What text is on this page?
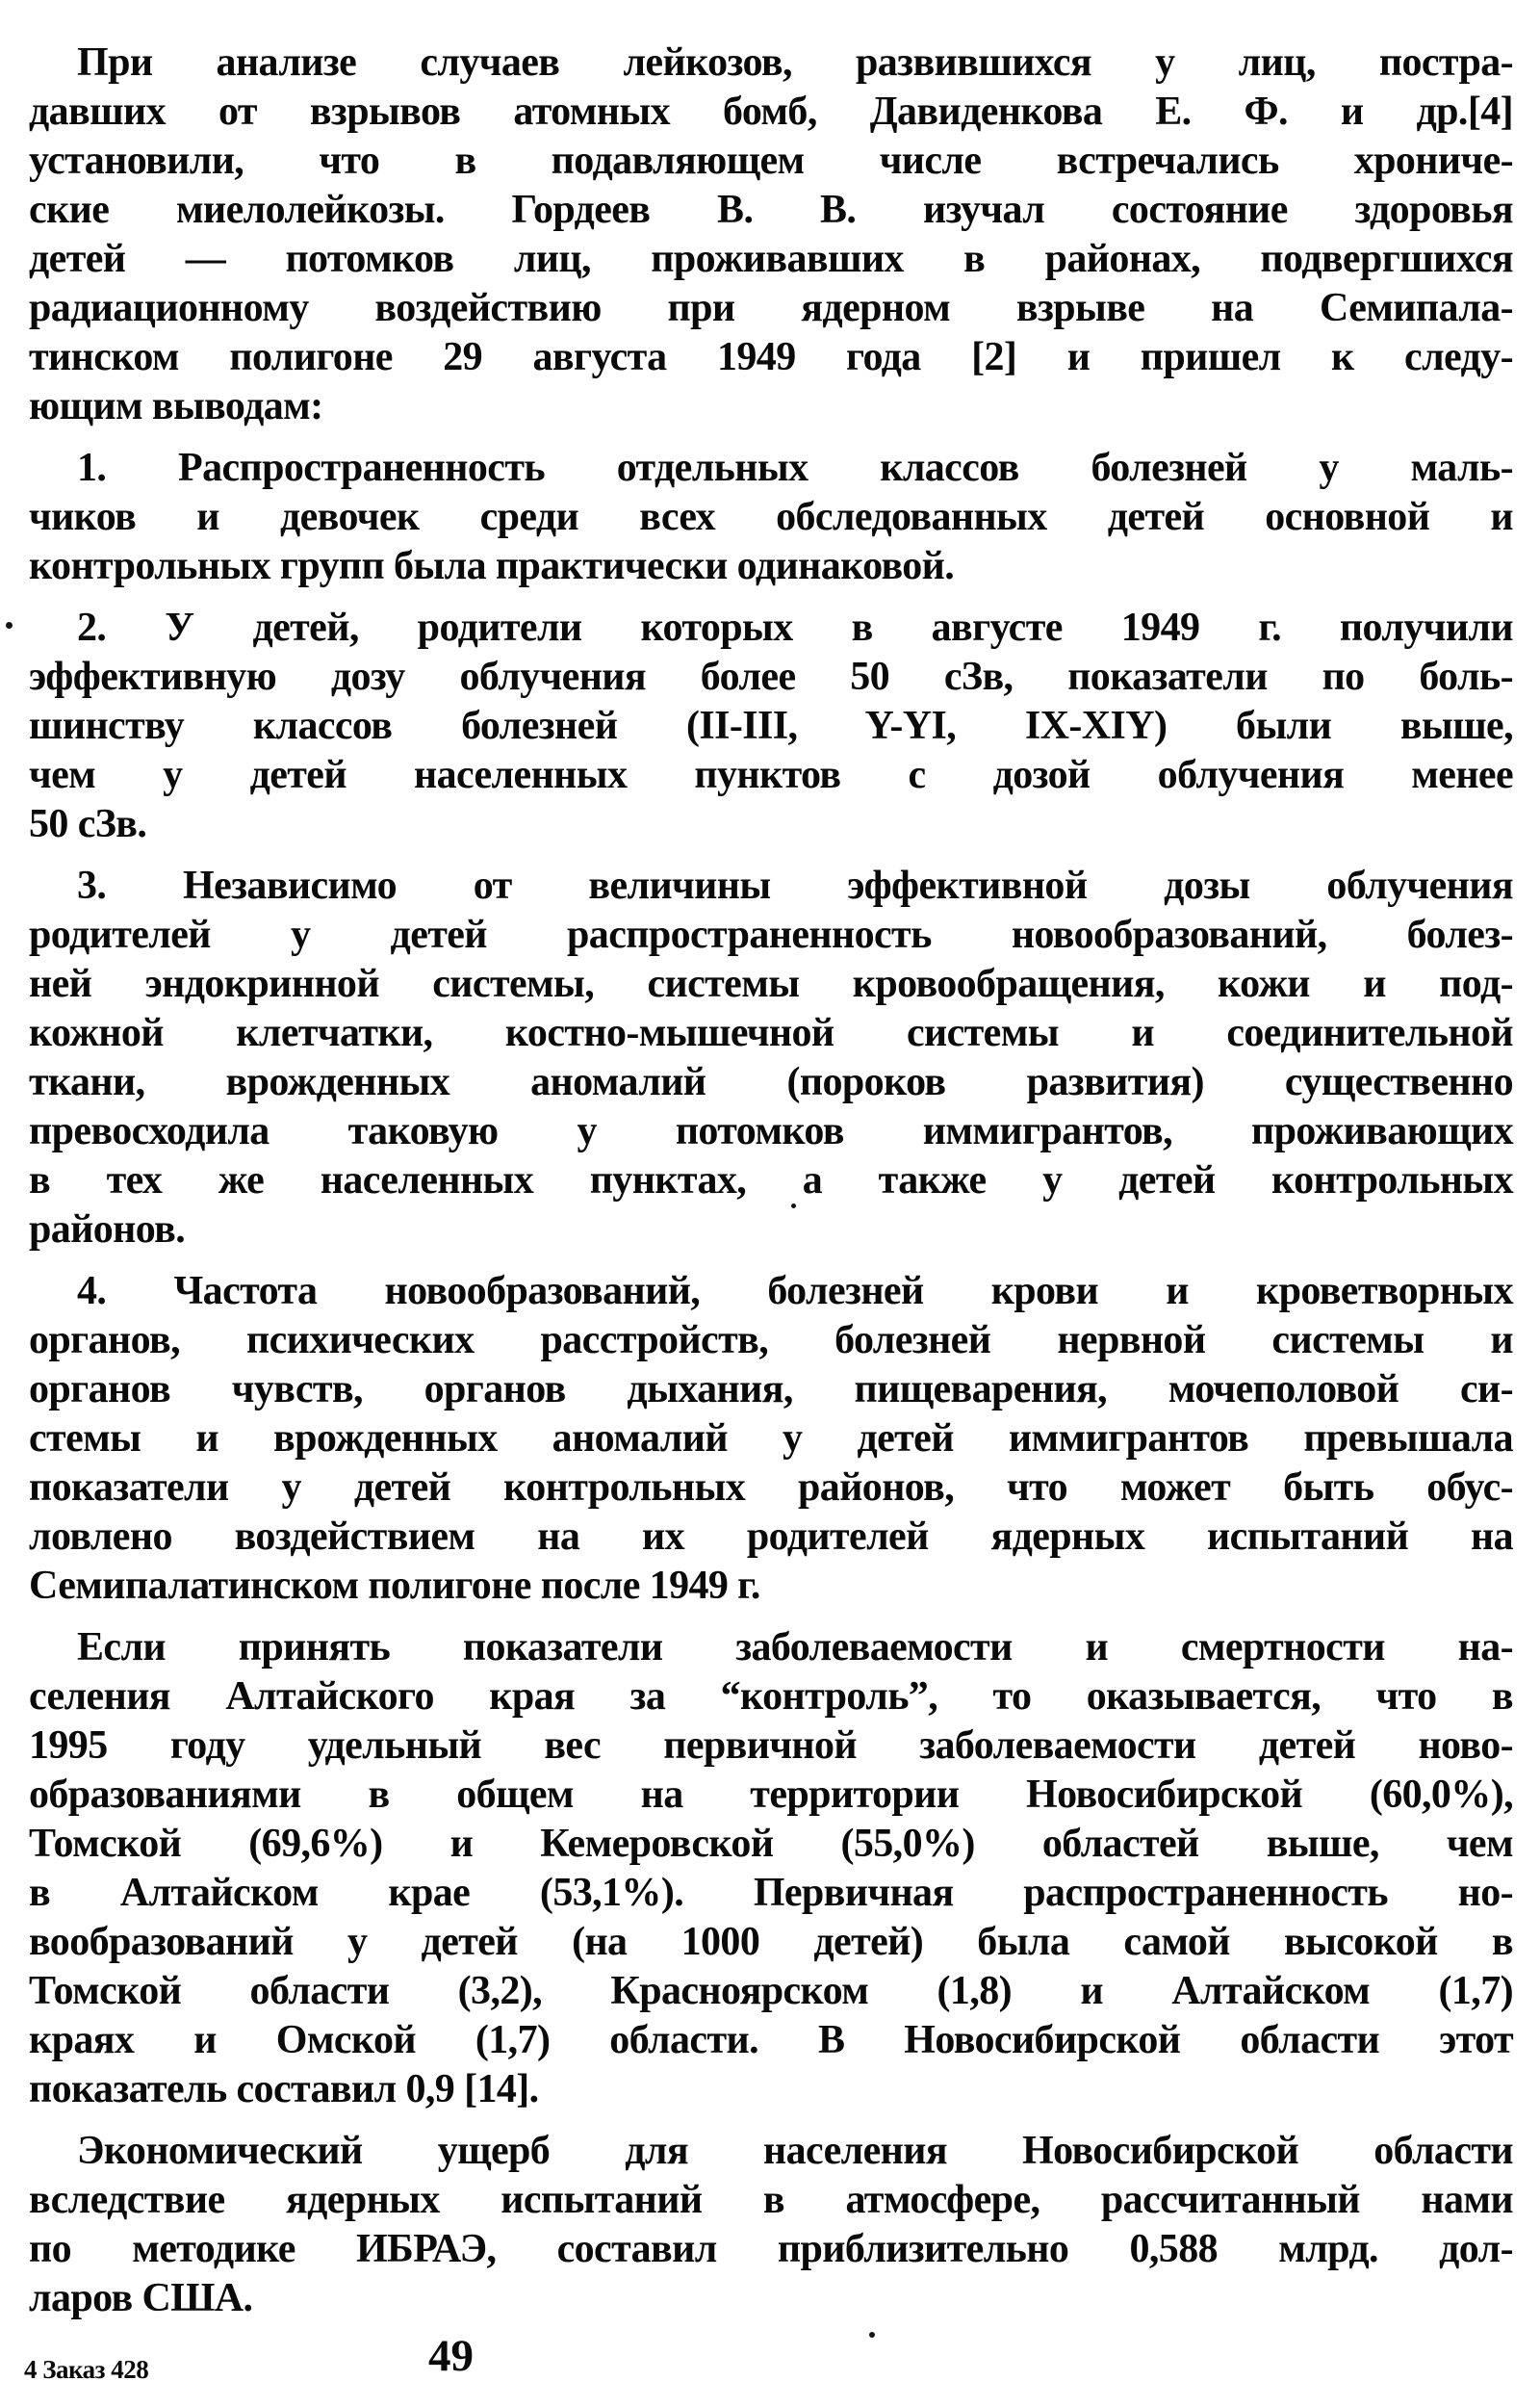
При анализе случаев лейкозов, развившихся у лиц, постра-
давших от взрывов атомных бомб, Давиденкова Е. Ф. и др.[4]
установили, что в подавляющем числе встречались хрониче-
ские миелолейкозы. Гордеев В. В. изучал состояние здоровья
детей — потомков лиц, проживавших в районах, подвергшихся
радиационному воздействию при ядерном взрыве на Семипала-
тинском полигоне 29 августа 1949 года [2] и пришел к следу-
ющим выводам:
1. Распространенность отдельных классов болезней у маль-
чиков и девочек среди всех обследованных детей основной и
контрольных групп была практически одинаковой.
2. У детей, родители которых в августе 1949 г. получили
эффективную дозу облучения более 50 сЗв, показатели по боль-
шинству классов болезней (II-III, Y-YI, IX-XIY) были выше,
чем у детей населенных пунктов с дозой облучения менее
50 сЗв.
3. Независимо от величины эффективной дозы облучения
родителей у детей распространенность новообразований, болез-
ней эндокринной системы, системы кровообращения, кожи и под-
кожной клетчатки, костно-мышечной системы и соединительной
ткани, врожденных аномалий (пороков развития) существенно
превосходила таковую у потомков иммигрантов, проживающих
в тех же населенных пунктах, а также у детей контрольных
районов.
4. Частота новообразований, болезней крови и кроветворных
органов, психических расстройств, болезней нервной системы и
органов чувств, органов дыхания, пищеварения, мочеполовой си-
стемы и врожденных аномалий у детей иммигрантов превышала
показатели у детей контрольных районов, что может быть обус-
ловлено воздействием на их родителей ядерных испытаний на
Семипалатинском полигоне после 1949 г.
Если принять показатели заболеваемости и смертности на-
селения Алтайского края за “контроль”, то оказывается, что в
1995 году удельный вес первичной заболеваемости детей ново-
образованиями в общем на территории Новосибирской (60,0%),
Томской (69,6%) и Кемеровской (55,0%) областей выше, чем
в Алтайском крае (53,1%). Первичная распространенность но-
вообразований у детей (на 1000 детей) была самой высокой в
Томской области (3,2), Красноярском (1,8) и Алтайском (1,7)
краях и Омской (1,7) области. В Новосибирской области этот
показатель составил 0,9 [14].
Экономический ущерб для населения Новосибирской области
вследствие ядерных испытаний в атмосфере, рассчитанный нами
по методике ИБРАЭ, составил приблизительно 0,588 млрд. дол-
ларов США.
4 Заказ 428	49
